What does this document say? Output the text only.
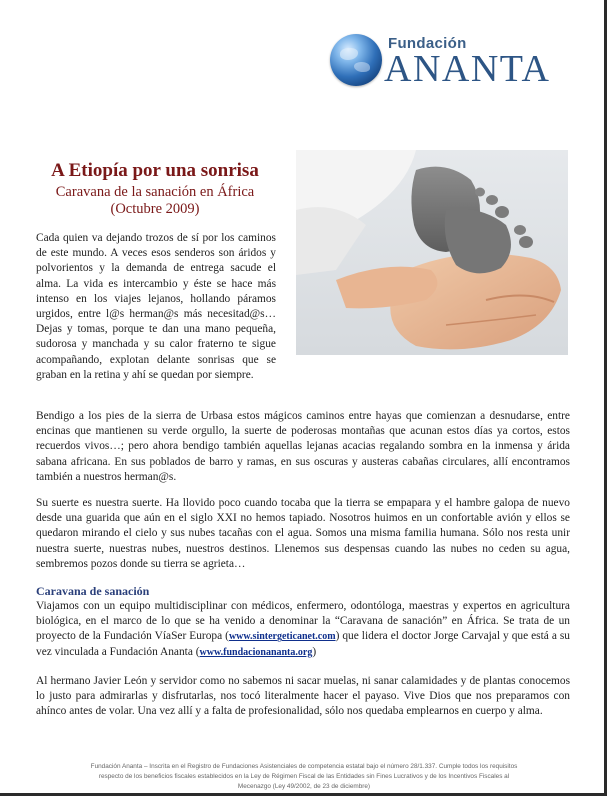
Fundación
ANANTA
A Etiopía por una sonrisa
Caravana de la sanación en África
(Octubre 2009)

Cada quien va dejando trozos de sí por los caminos de este mundo. A veces esos senderos son áridos y polvorientos y la demanda de entrega sacude el alma. La vida es intercambio y éste se hace más intenso en los viajes lejanos, hollando páramos urgidos, entre l@s herman@s más necesitad@s… Dejas y tomas, porque te dan una mano pequeña, sudorosa y manchada y su calor fraterno te sigue acompañando, explotan delante sonrisas que se graban en la retina y ahí se quedan por siempre.

Bendigo a los pies de la sierra de Urbasa estos mágicos caminos entre hayas que comienzan a desnudarse, entre encinas que mantienen su verde orgullo, la suerte de poderosas montañas que acunan estos días ya cortos, estos recuerdos vivos…; pero ahora bendigo también aquellas lejanas acacias regalando sombra en la inmensa y árida sabana africana. En sus poblados de barro y ramas, en sus oscuras y austeras cabañas circulares, allí encontramos también a nuestros herman@s.

Su suerte es nuestra suerte. Ha llovido poco cuando tocaba que la tierra se empapara y el hambre galopa de nuevo desde una guarida que aún en el siglo XXI no hemos tapiado. Nosotros huimos en un confortable avión y ellos se quedaron mirando el cielo y sus nubes tacañas con el agua. Somos una misma familia humana. Sólo nos resta unir nuestra suerte, nuestras nubes, nuestros destinos. Llenemos sus despensas cuando las nubes no ceden su agua, sembremos pozos donde su tierra se agrieta…

Caravana de sanación

Viajamos con un equipo multidisciplinar con médicos, enfermero, odontóloga, maestras y expertos en agricultura biológica, en el marco de lo que se ha venido a denominar la “Caravana de sanación” en África. Se trata de un proyecto de la Fundación VíaSer Europa (www.sintergeticanet.com) que lidera el doctor Jorge Carvajal y que está a su vez vinculada a Fundación Ananta (www.fundacionananta.org)

Al hermano Javier León y servidor como no sabemos ni sacar muelas, ni sanar calamidades y de plantas conocemos lo justo para admirarlas y disfrutarlas, nos tocó literalmente hacer el payaso. Vive Dios que nos preparamos con ahínco antes de volar. Una vez allí y a falta de profesionalidad, sólo nos quedaba emplearnos en cuerpo y alma.

Fundación Ananta – Inscrita en el Registro de Fundaciones Asistenciales de competencia estatal bajo el número 28/1.337. Cumple todos los requisitos
respecto de los beneficios fiscales establecidos en la Ley de Régimen Fiscal de las Entidades sin Fines Lucrativos y de los Incentivos Fiscales al
Mecenazgo (Ley 49/2002, de 23 de diciembre)
